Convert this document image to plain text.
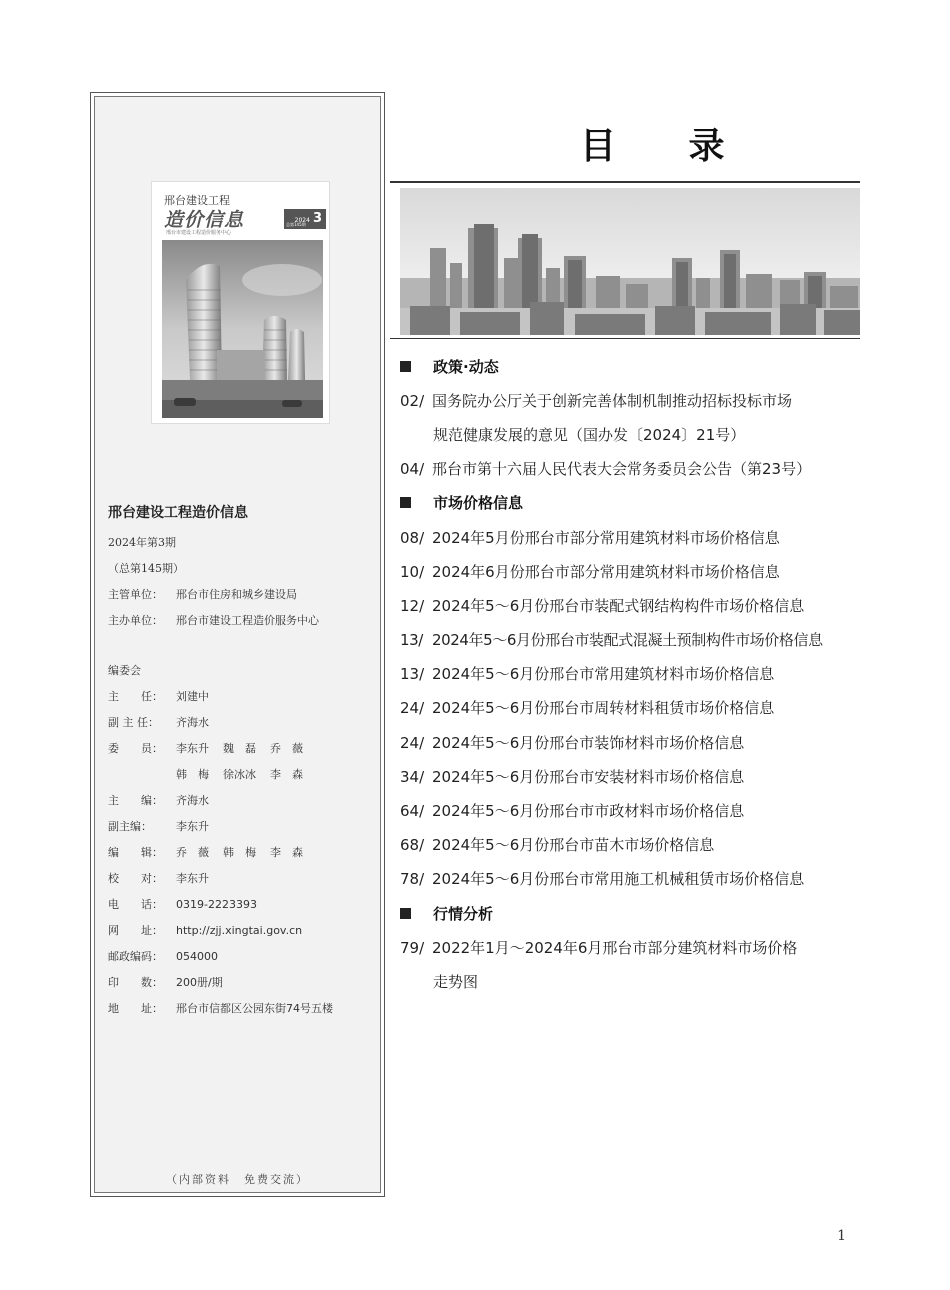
邢台建设工程
造价信息
邢台市建设工程造价服务中心
2024 3
总第145期
邢台建设工程造价信息
2024年第3期
（总第145期）
主管单位： 邢台市住房和城乡建设局
主办单位： 邢台市建设工程造价服务中心
编委会
主　　任： 刘建中
副 主 任： 齐海水
委　　员： 李东升 魏　磊 乔　薇
韩　梅 徐冰冰 李　森
主　　编： 齐海水
副主编： 李东升
编　　辑： 乔　薇 韩　梅 李　森
校　　对： 李东升
电　　话： 0319-2223393
网　　址： http://zjj.xingtai.gov.cn
邮政编码： 054000
印　　数： 200册/期
地　　址： 邢台市信都区公园东街74号五楼
（内部资料　免费交流）
目 录
政策·动态
02/ 国务院办公厅关于创新完善体制机制推动招标投标市场
规范健康发展的意见（国办发〔2024〕21号）
04/ 邢台市第十六届人民代表大会常务委员会公告（第23号）
市场价格信息
08/ 2024年5月份邢台市部分常用建筑材料市场价格信息
10/ 2024年6月份邢台市部分常用建筑材料市场价格信息
12/ 2024年5～6月份邢台市装配式钢结构构件市场价格信息
13/ 2024年5～6月份邢台市装配式混凝土预制构件市场价格信息
13/ 2024年5～6月份邢台市常用建筑材料市场价格信息
24/ 2024年5～6月份邢台市周转材料租赁市场价格信息
24/ 2024年5～6月份邢台市装饰材料市场价格信息
34/ 2024年5～6月份邢台市安装材料市场价格信息
64/ 2024年5～6月份邢台市市政材料市场价格信息
68/ 2024年5～6月份邢台市苗木市场价格信息
78/ 2024年5～6月份邢台市常用施工机械租赁市场价格信息
行情分析
79/ 2022年1月～2024年6月邢台市部分建筑材料市场价格
走势图
1
